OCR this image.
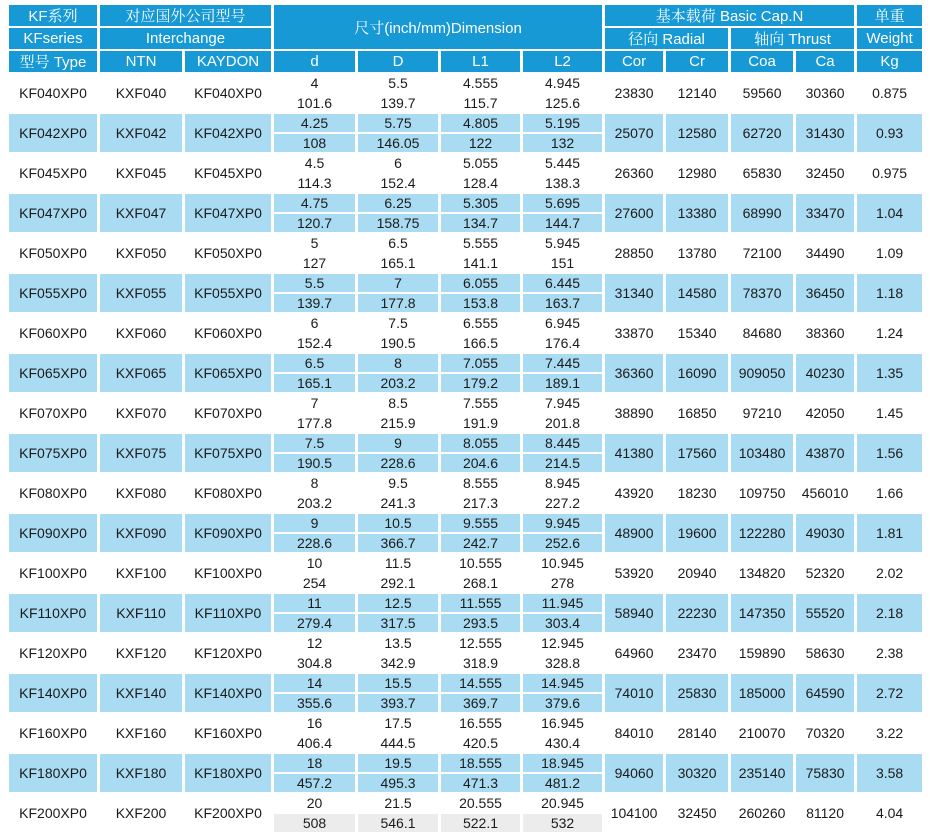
KF系列	对应国外公司型号		尺寸(inch/mm)Dimension				基本载荷 Basic Cap.N				单重
KFseries	Interchange						径向 Radial		轴向 Thrust		Weight
型号 Type	NTN	KAYDON	d	D	L1	L2	Cor	Cr	Coa	Ca	Kg
KF040XP0	KXF040	KF040XP0	4	5.5	4.555	4.945	23830	12140	59560	30360	0.875
			101.6	139.7	115.7	125.6					
KF042XP0	KXF042	KF042XP0	4.25	5.75	4.805	5.195	25070	12580	62720	31430	0.93
			108	146.05	122	132					
KF045XP0	KXF045	KF045XP0	4.5	6	5.055	5.445	26360	12980	65830	32450	0.975
			114.3	152.4	128.4	138.3					
KF047XP0	KXF047	KF047XP0	4.75	6.25	5.305	5.695	27600	13380	68990	33470	1.04
			120.7	158.75	134.7	144.7					
KF050XP0	KXF050	KF050XP0	5	6.5	5.555	5.945	28850	13780	72100	34490	1.09
			127	165.1	141.1	151					
KF055XP0	KXF055	KF055XP0	5.5	7	6.055	6.445	31340	14580	78370	36450	1.18
			139.7	177.8	153.8	163.7					
KF060XP0	KXF060	KF060XP0	6	7.5	6.555	6.945	33870	15340	84680	38360	1.24
			152.4	190.5	166.5	176.4					
KF065XP0	KXF065	KF065XP0	6.5	8	7.055	7.445	36360	16090	909050	40230	1.35
			165.1	203.2	179.2	189.1					
KF070XP0	KXF070	KF070XP0	7	8.5	7.555	7.945	38890	16850	97210	42050	1.45
			177.8	215.9	191.9	201.8					
KF075XP0	KXF075	KF075XP0	7.5	9	8.055	8.445	41380	17560	103480	43870	1.56
			190.5	228.6	204.6	214.5					
KF080XP0	KXF080	KF080XP0	8	9.5	8.555	8.945	43920	18230	109750	456010	1.66
			203.2	241.3	217.3	227.2					
KF090XP0	KXF090	KF090XP0	9	10.5	9.555	9.945	48900	19600	122280	49030	1.81
			228.6	366.7	242.7	252.6					
KF100XP0	KXF100	KF100XP0	10	11.5	10.555	10.945	53920	20940	134820	52320	2.02
			254	292.1	268.1	278					
KF110XP0	KXF110	KF110XP0	11	12.5	11.555	11.945	58940	22230	147350	55520	2.18
			279.4	317.5	293.5	303.4					
KF120XP0	KXF120	KF120XP0	12	13.5	12.555	12.945	64960	23470	159890	58630	2.38
			304.8	342.9	318.9	328.8					
KF140XP0	KXF140	KF140XP0	14	15.5	14.555	14.945	74010	25830	185000	64590	2.72
			355.6	393.7	369.7	379.6					
KF160XP0	KXF160	KF160XP0	16	17.5	16.555	16.945	84010	28140	210070	70320	3.22
			406.4	444.5	420.5	430.4					
KF180XP0	KXF180	KF180XP0	18	19.5	18.555	18.945	94060	30320	235140	75830	3.58
			457.2	495.3	471.3	481.2					
KF200XP0	KXF200	KF200XP0	20	21.5	20.555	20.945	104100	32450	260260	81120	4.04
			508	546.1	522.1	532					
